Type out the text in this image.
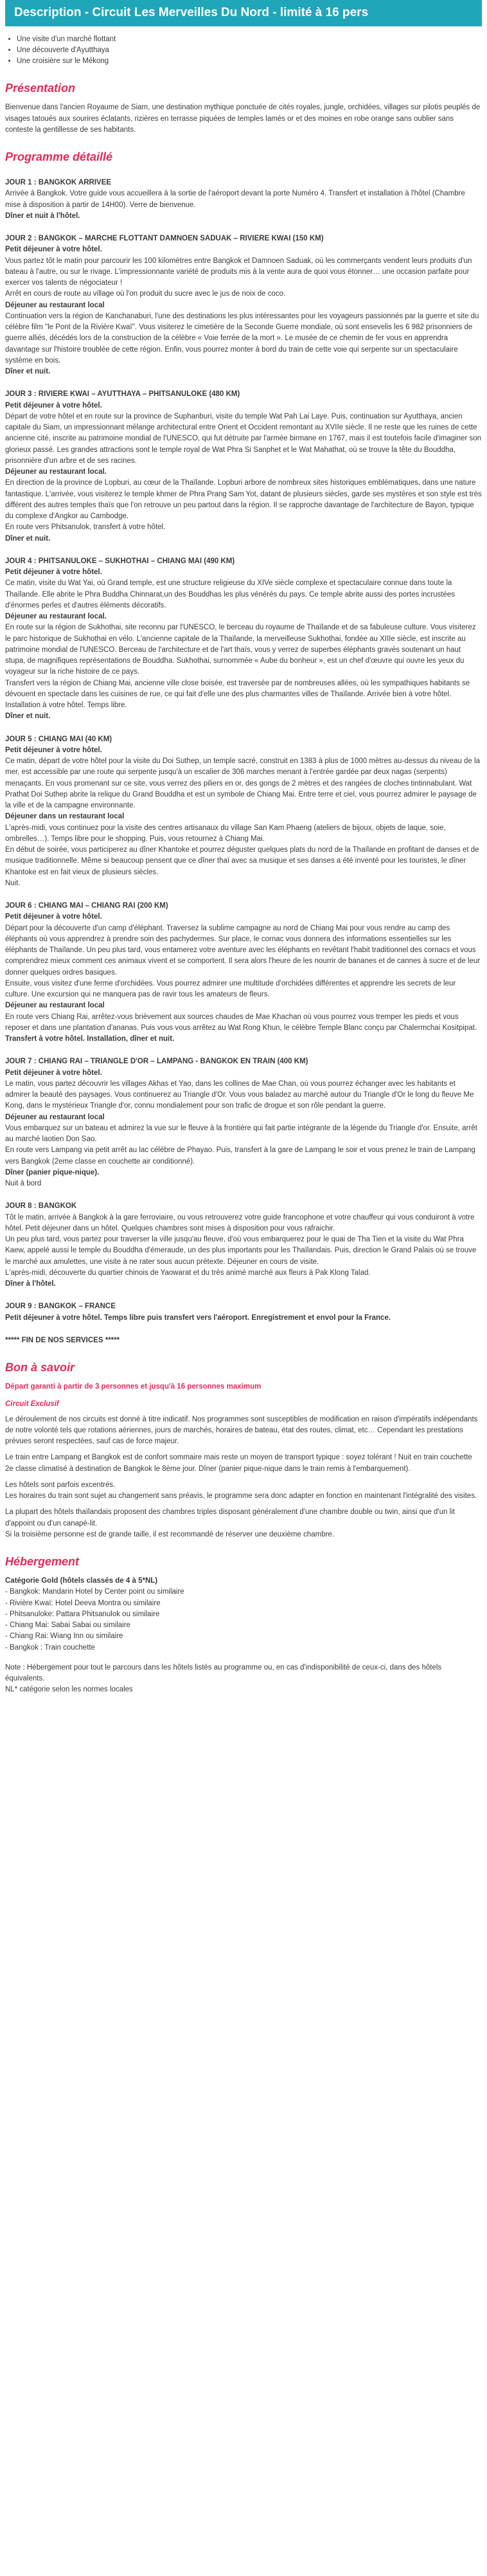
Description - Circuit Les Merveilles Du Nord - limité à 16 pers
• Une visite d'un marché flottant
• Une découverte d'Ayutthaya
• Une croisière sur le Mékong
Présentation

Bienvenue dans l'ancien Royaume de Siam, une destination mythique ponctuée de cités royales, jungle, orchidées, villages sur pilotis peuplés de visages tatoués aux sourires éclatants, rizières en terrasse piquées de temples lamés or et des moines en robe orange sans oublier sans conteste la gentillesse de ses habitants.

Programme détaillé
JOUR 1 : BANGKOK ARRIVEE
Arrivée à Bangkok. Votre guide vous accueillera à la sortie de l'aéroport devant la porte Numéro 4. Transfert et installation à l'hôtel (Chambre mise à disposition à partir de 14H00). Verre de bienvenue.
Dîner et nuit à l'hôtel.
JOUR 2 : BANGKOK – MARCHE FLOTTANT DAMNOEN SADUAK – RIVIERE KWAI (150 KM)
Petit déjeuner à votre hôtel.
Vous partez tôt le matin pour parcourir les 100 kilomètres entre Bangkok et Damnoen Saduak, où les commerçants vendent leurs produits d'un bateau à l'autre, ou sur le rivage. L'impressionnante variété de produits mis à la vente aura de quoi vous étonner… une occasion parfaite pour exercer vos talents de négociateur !
Arrêt en cours de route au village où l'on produit du sucre avec le jus de noix de coco.
Déjeuner au restaurant local
Continuation vers la région de Kanchanaburi, l'une des destinations les plus intéressantes pour les voyageurs passionnés par la guerre et site du célèbre film "le Pont de la Rivière Kwaï". Vous visiterez le cimetière de la Seconde Guerre mondiale, où sont ensevelis les 6 982 prisonniers de guerre alliés, décédés lors de la construction de la célèbre « Voie ferrée de la mort ». Le musée de ce chemin de fer vous en apprendra davantage sur l'histoire troublée de cette région. Enfin, vous pourrez monter à bord du train de cette voie qui serpente sur un spectaculaire système en bois.
Dîner et nuit.
JOUR 3 : RIVIERE KWAI – AYUTTHAYA – PHITSANULOKE (480 KM)
Petit déjeuner à votre hôtel.
Départ de votre hôtel et en route sur la province de Suphanburi, visite du temple Wat Pah Lai Laye. Puis, continuation sur Ayutthaya, ancien capitale du Siam, un impressionnant mélange architectural entre Orient et Occident remontant au XVIIe siècle. Il ne reste que les ruines de cette ancienne cité, inscrite au patrimoine mondial de l'UNESCO, qui fut détruite par l'armée birmane en 1767, mais il est toutefois facile d'imaginer son glorieux passé. Les grandes attractions sont le temple royal de Wat Phra Si Sanphet et le Wat Mahathat, où se trouve la tête du Bouddha, prisonnière d'un arbre et de ses racines.
Déjeuner au restaurant local.
En direction de la province de Lopburi, au cœur de la Thaïlande. Lopburi arbore de nombreux sites historiques emblématiques, dans une nature fantastique. L'arrivée, vous visiterez le temple khmer de Phra Prang Sam Yot, datant de plusieurs siècles, garde ses mystères et son style est très différent des autres temples thaïs que l'on retrouve un peu partout dans la région. Il se rapproche davantage de l'architecture de Bayon, typique du complexe d'Angkor au Cambodge.
En route vers Phitsanulok, transfert à votre hôtel.
Dîner et nuit.
JOUR 4 : PHITSANULOKE – SUKHOTHAI – CHIANG MAI (490 KM)
Petit déjeuner à votre hôtel.
Ce matin, visite du Wat Yai, où Grand temple, est une structure religieuse du XIVe siècle complexe et spectaculaire connue dans toute la Thaïlande. Elle abrite le Phra Buddha Chinnarat,un des Bouddhas les plus vénérés du pays. Ce temple abrite aussi des portes incrustées d'énormes perles et d'autres éléments décoratifs.
Déjeuner au restaurant local.
En route sur la région de Sukhothai, site reconnu par l'UNESCO, le berceau du royaume de Thaïlande et de sa fabuleuse culture. Vous visiterez le parc historique de Sukhothai en vélo. L'ancienne capitale de la Thaïlande, la merveilleuse Sukhothai, fondée au XIIIe siècle, est inscrite au patrimoine mondial de l'UNESCO. Berceau de l'architecture et de l'art thaïs, vous y verrez de superbes éléphants gravés soutenant un haut stupa, de magnifiques représentations de Bouddha. Sukhothai, surnommée « Aube du bonheur », est un chef d'œuvre qui ouvre les yeux du voyageur sur la riche histoire de ce pays.
Transfert vers la région de Chiang Mai, ancienne ville close boisée, est traversée par de nombreuses allées, où les sympathiques habitants se dévouent en spectacle dans les cuisines de rue, ce qui fait d'elle une des plus charmantes villes de Thaïlande. Arrivée bien à votre hôtel. Installation à votre hôtel. Temps libre.
Dîner et nuit.
JOUR 5 : CHIANG MAI (40 KM)
Petit déjeuner à votre hôtel.
Ce matin, départ de votre hôtel pour la visite du Doi Suthep, un temple sacré, construit en 1383 à plus de 1000 mètres au-dessus du niveau de la mer, est accessible par une route qui serpente jusqu'à un escalier de 306 marches menant à l'entrée gardée par deux nagas (serpents) menaçants. En vous promenant sur ce site, vous verrez des piliers en or, des gongs de 2 mètres et des rangées de cloches tintinnabulant. Wat Prathat Doi Suthep abrite la relique du Grand Bouddha et est un symbole de Chiang Mai. Entre terre et ciel, vous pourrez admirer le paysage de la ville et de la campagne environnante.
Déjeuner dans un restaurant local
L'après-midi, vous continuez pour la visite des centres artisanaux du village San Kam Phaeng (ateliers de bijoux, objets de laque, soie, ombrelles…). Temps libre pour le shopping. Puis, vous retournez à Chiang Mai.
En début de soirée, vous participerez au dîner Khantoke et pourrez déguster quelques plats du nord de la Thaïlande en profitant de danses et de musique traditionnelle. Même si beaucoup pensent que ce dîner thaï avec sa musique et ses danses a été inventé pour les touristes, le dîner Khantoke est en fait vieux de plusieurs siècles.
Nuit.
JOUR 6 : CHIANG MAI – CHIANG RAI (200 KM)
Petit déjeuner à votre hôtel.
Départ pour la découverte d'un camp d'éléphant. Traversez la sublime campagne au nord de Chiang Mai pour vous rendre au camp des éléphants où vous apprendrez à prendre soin des pachydermes. Sur place, le cornac vous donnera des informations essentielles sur les éléphants de Thaïlande. Un peu plus tard, vous entamerez votre aventure avec les éléphants en revêtant l'habit traditionnel des cornacs et vous comprendrez mieux comment ces animaux vivent et se comportent. Il sera alors l'heure de les nourrir de bananes et de cannes à sucre et de leur donner quelques ordres basiques.
Ensuite, vous visitez d'une ferme d'orchidées. Vous pourrez admirer une multitude d'orchidées différentes et apprendre les secrets de leur culture. Une excursion qui ne manquera pas de ravir tous les amateurs de fleurs.
Déjeuner au restaurant local
En route vers Chiang Rai, arrêtez-vous brièvement aux sources chaudes de Mae Khachan où vous pourrez vous tremper les pieds et vous reposer et dans une plantation d'ananas. Puis vous vous arrêtez au Wat Rong Khun, le célèbre Temple Blanc conçu par Chalermchai Kositpipat.
Transfert à votre hôtel. Installation, dîner et nuit.
JOUR 7 : CHIANG RAI – TRIANGLE D'OR – LAMPANG - BANGKOK EN TRAIN (400 KM)
Petit déjeuner à votre hôtel.
Le matin, vous partez découvrir les villages Akhas et Yao, dans les collines de Mae Chan, où vous pourrez échanger avec les habitants et admirer la beauté des paysages. Vous continuerez au Triangle d'Or. Vous vous baladez au marché autour du Triangle d'Or le long du fleuve Me Kong, dans le mystérieux Triangle d'or, connu mondialement pour son trafic de drogue et son rôle pendant la guerre.
Déjeuner au restaurant local
Vous embarquez sur un bateau et admirez la vue sur le fleuve à la frontière qui fait partie intégrante de la légende du Triangle d'or. Ensuite, arrêt au marché laotien Don Sao.
En route vers Lampang via petit arrêt au lac célèbre de Phayao. Puis, transfert à la gare de Lampang le soir et vous prenez le train de Lampang vers Bangkok (2eme classe en couchette air conditionné).
Dîner (panier pique-nique).
Nuit à bord
JOUR 8 : BANGKOK
Tôt le matin, arrivée à Bangkok à la gare ferroviaire, ou vous retrouverez votre guide francophone et votre chauffeur qui vous conduiront à votre hôtel. Petit déjeuner dans un hôtel. Quelques chambres sont mises à disposition pour vous rafraichir.
Un peu plus tard, vous partez pour traverser la ville jusqu'au fleuve, d'où vous embarquerez pour le quai de Tha Tien et la visite du Wat Phra Kaew, appelé aussi le temple du Bouddha d'émeraude, un des plus importants pour les Thaïlandais. Puis, direction le Grand Palais où se trouve le marché aux amulettes, une visite à ne rater sous aucun prétexte. Déjeuner en cours de visite.
L'après-midi, découverte du quartier chinois de Yaowarat et du très animé marché aux fleurs à Pak Klong Talad.
Dîner à l'hôtel.
JOUR 9 : BANGKOK – FRANCE
Petit déjeuner à votre hôtel. Temps libre puis transfert vers l'aéroport. Enregistrement et envol pour la France.

***** FIN DE NOS SERVICES *****

Bon à savoir

Départ garanti à partir de 3 personnes et jusqu'à 16 personnes maximum

Circuit Exclusif

Le déroulement de nos circuits est donné à titre indicatif. Nos programmes sont susceptibles de modification en raison d'impératifs indépendants de notre volonté tels que rotations aériennes, jours de marchés, horaires de bateau, état des routes, climat, etc… Cependant les prestations prévues seront respectées, sauf cas de force majeur.

Le train entre Lampang et Bangkok est de confort sommaire mais reste un moyen de transport typique : soyez tolérant ! Nuit en train couchette 2e classe climatisé à destination de Bangkok le 8ème jour. Dîner (panier pique-nique dans le train remis à l'embarquement).

Les hôtels sont parfois excentrés.

Les horaires du train sont sujet au changement sans préavis, le programme sera donc adapter en fonction en maintenant l'intégralité des visites.

La plupart des hôtels thaïlandais proposent des chambres triples disposant généralement d'une chambre double ou twin, ainsi que d'un lit d'appoint ou d'un canapé-lit.

Si la troisième personne est de grande taille, il est recommandé de réserver une deuxième chambre.

Hébergement

Catégorie Gold (hôtels classés de 4 à 5*NL)

- Bangkok: Mandarin Hotel by Center point ou similaire
- Rivière Kwaï: Hotel Deeva Montra ou similaire
- Phitsanuloke: Pattara Phitsanulok ou similaire
- Chiang Mai: Sabai Sabai ou similaire
- Chiang Rai: Wiang Inn ou similaire
- Bangkok : Train couchette

Note : Hébergement pour tout le parcours dans les hôtels listés au programme ou, en cas d'indisponibilité de ceux-ci, dans des hôtels équivalents.

NL* catégorie selon les normes locales
